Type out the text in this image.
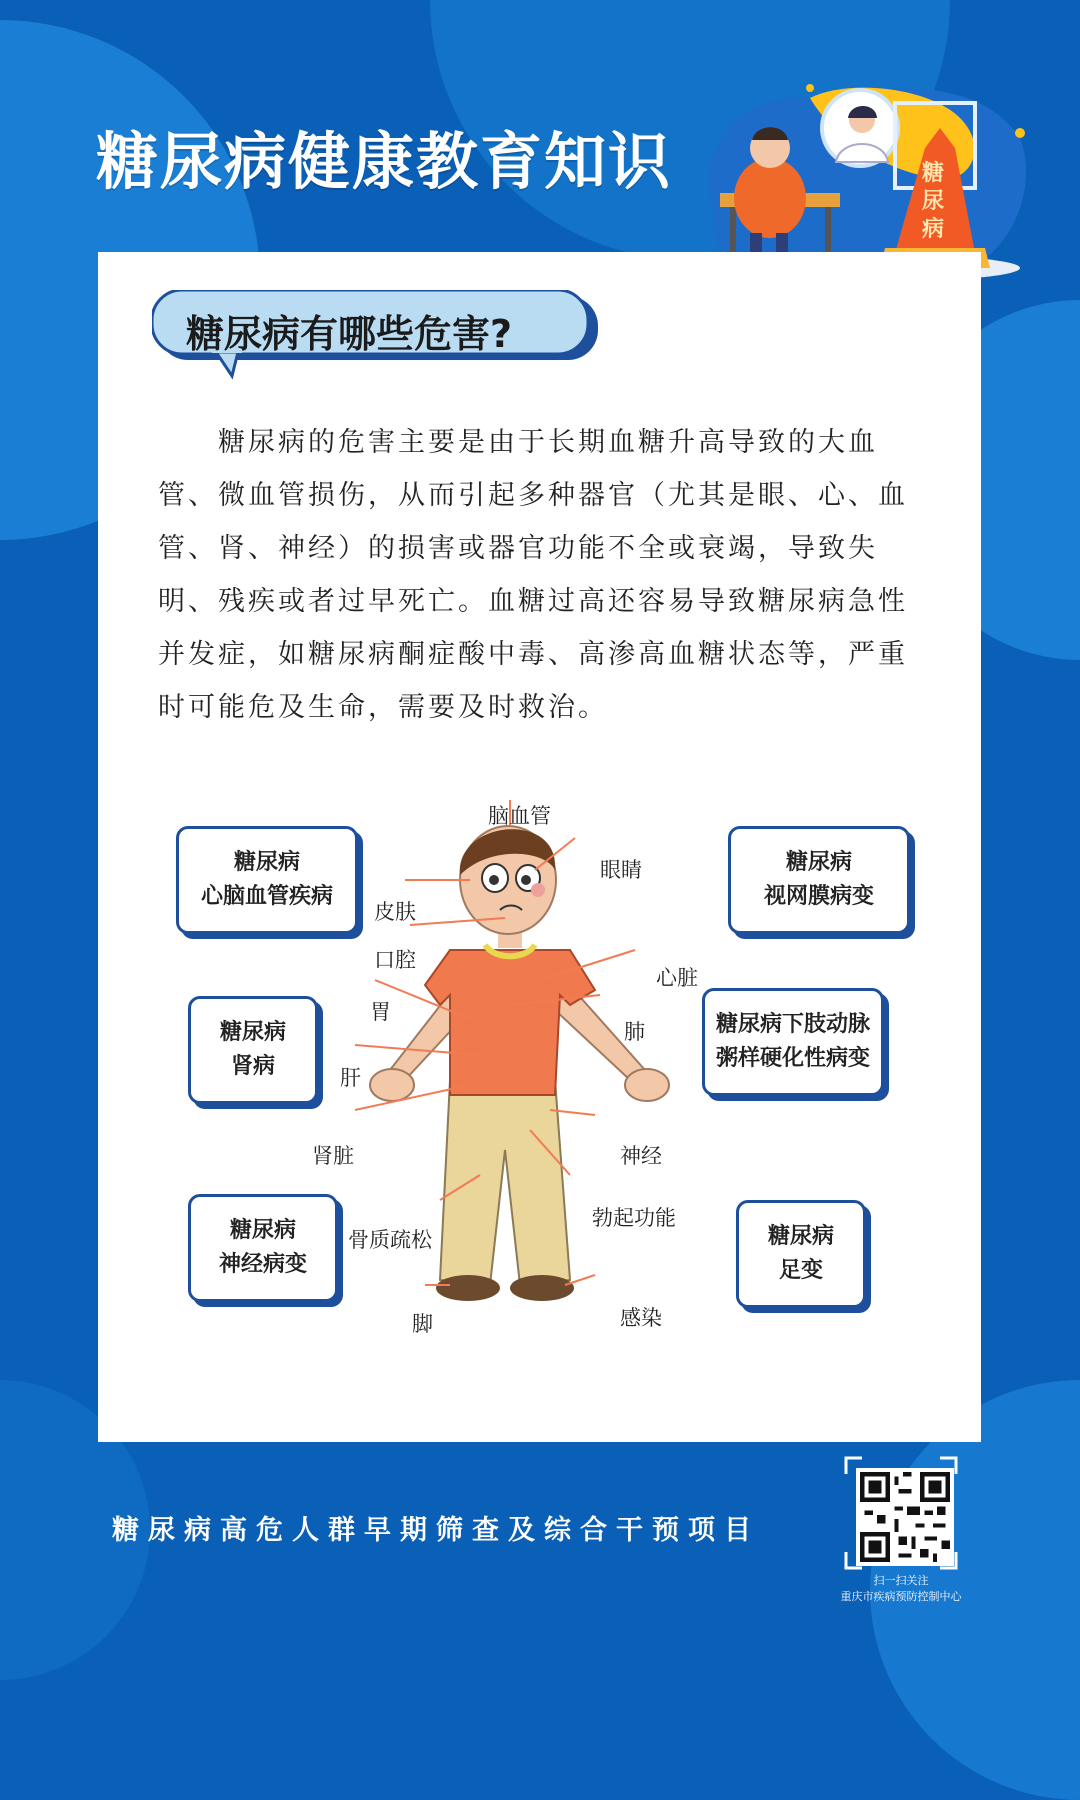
糖尿病健康教育知识	糖
尿
病
糖尿病有哪些危害?
　　糖尿病的危害主要是由于长期血糖升高导致的大血
管、微血管损伤，从而引起多种器官（尤其是眼、心、血
管、肾、神经）的损害或器官功能不全或衰竭，导致失
明、残疾或者过早死亡。血糖过高还容易导致糖尿病急性
并发症，如糖尿病酮症酸中毒、高渗高血糖状态等，严重
时可能危及生命，需要及时救治。
糖尿病
心脑血管疾病
糖尿病
视网膜病变
糖尿病
肾病
糖尿病下肢动脉
粥样硬化性病变
糖尿病
神经病变
糖尿病
足变
脑血管
眼睛
皮肤
口腔
心脏
胃
肺
肝
肾脏	神经
勃起功能
骨质疏松
脚	感染
糖尿病高危人群早期筛查及综合干预项目
扫一扫关注
重庆市疾病预防控制中心
